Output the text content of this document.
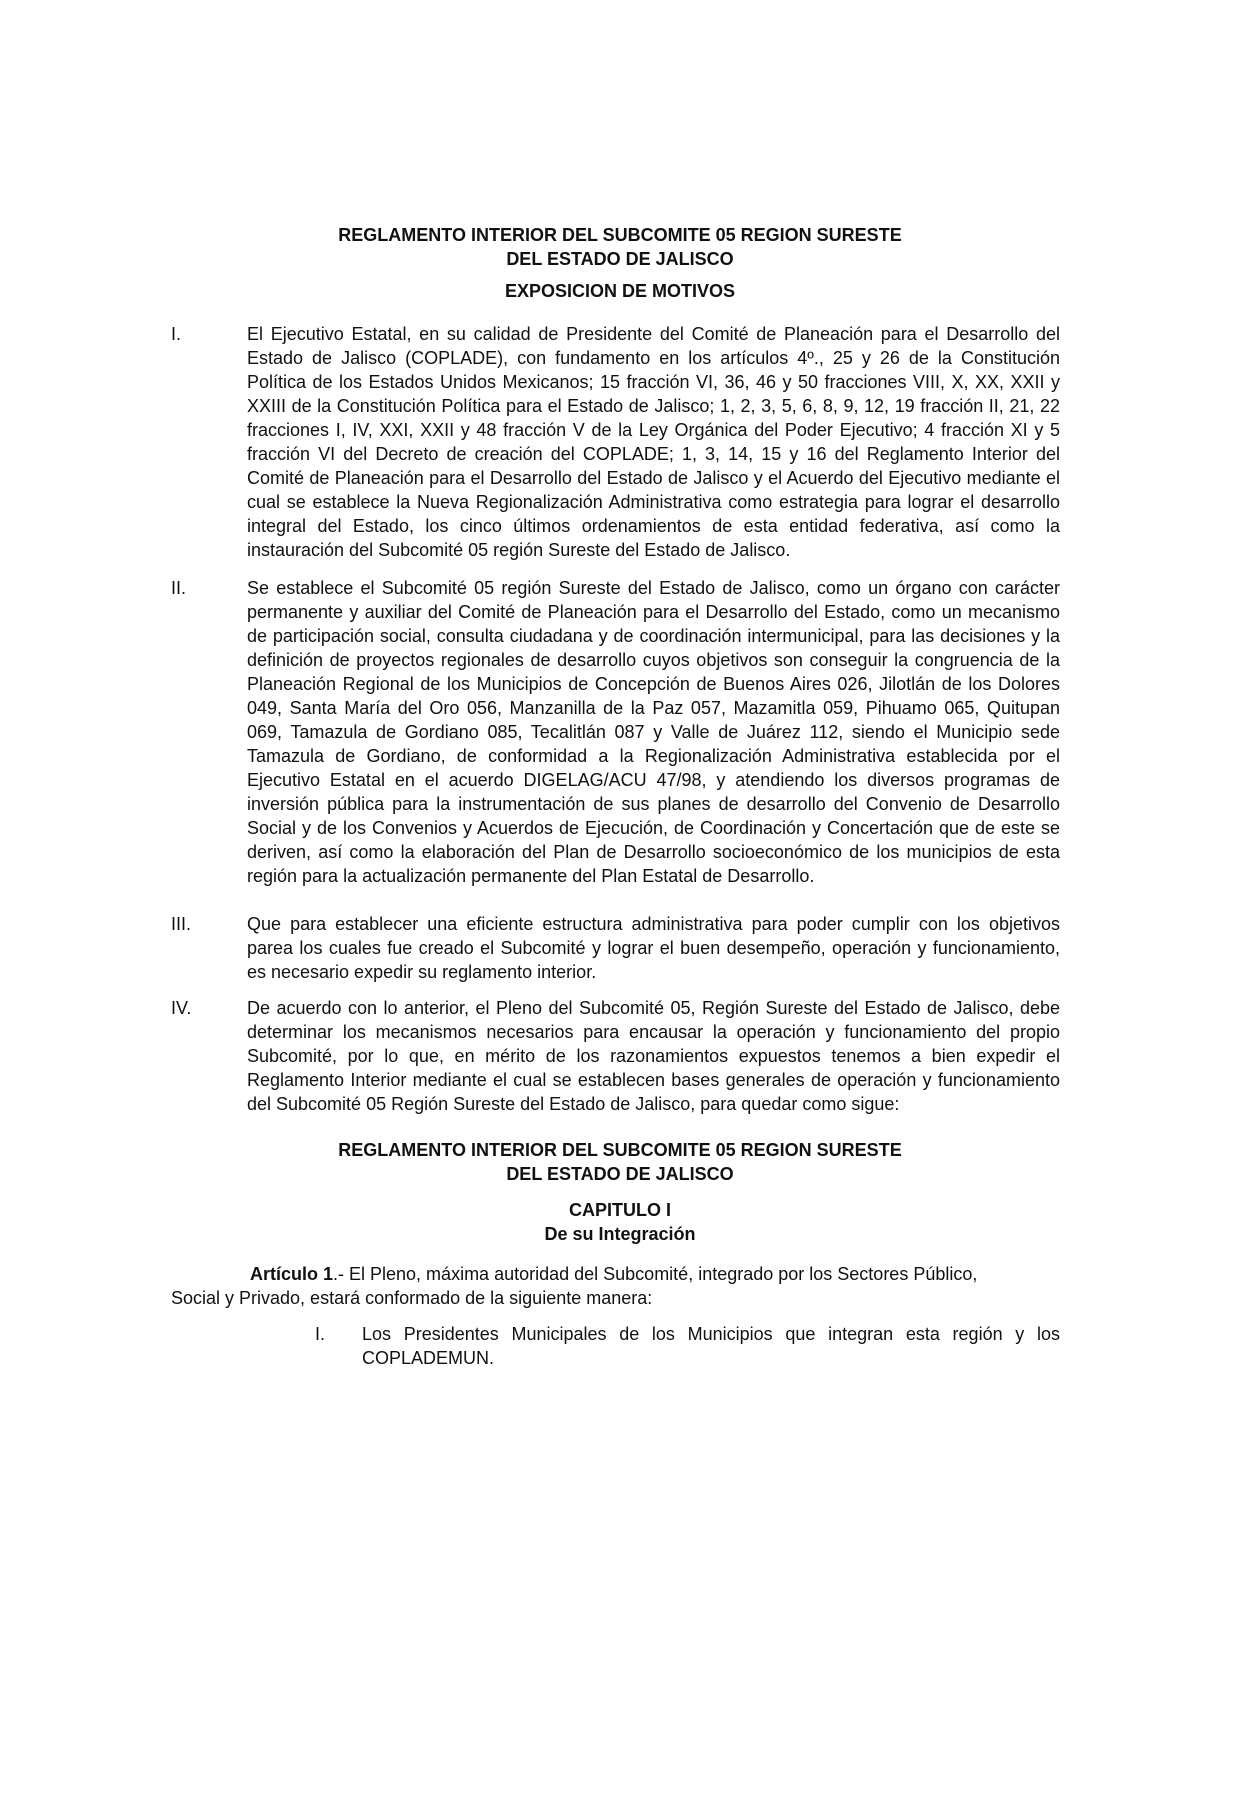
REGLAMENTO INTERIOR DEL SUBCOMITE 05 REGION SURESTE
DEL ESTADO DE JALISCO
EXPOSICION DE MOTIVOS
I.	El Ejecutivo Estatal, en su calidad de Presidente del Comité de Planeación para el Desarrollo del Estado de Jalisco (COPLADE), con fundamento en los artículos 4º., 25 y 26 de la Constitución Política de los Estados Unidos Mexicanos; 15 fracción VI, 36, 46 y 50 fracciones VIII, X, XX, XXII y XXIII de la Constitución Política para el Estado de Jalisco; 1, 2, 3, 5, 6, 8, 9, 12, 19 fracción II, 21, 22 fracciones I, IV, XXI, XXII y 48 fracción V de la Ley Orgánica del Poder Ejecutivo; 4 fracción XI y 5 fracción VI del Decreto de creación del COPLADE; 1, 3, 14, 15 y 16 del Reglamento Interior del Comité de Planeación para el Desarrollo del Estado de Jalisco y el Acuerdo del Ejecutivo mediante el cual se establece la Nueva Regionalización Administrativa como estrategia para lograr el desarrollo integral del Estado, los cinco últimos ordenamientos de esta entidad federativa, así como la instauración del Subcomité 05 región Sureste del Estado de Jalisco.
II.	Se establece el Subcomité 05 región Sureste del Estado de Jalisco, como un órgano con carácter permanente y auxiliar del Comité de Planeación para el Desarrollo del Estado, como un mecanismo de participación social, consulta ciudadana y de coordinación intermunicipal, para las decisiones y la definición de proyectos regionales de desarrollo cuyos objetivos son conseguir la congruencia de la Planeación Regional de los Municipios de Concepción de Buenos Aires 026, Jilotlán de los Dolores 049, Santa María del Oro 056, Manzanilla de la Paz 057, Mazamitla 059, Pihuamo 065, Quitupan 069, Tamazula de Gordiano 085, Tecalitlán 087 y Valle de Juárez 112, siendo el Municipio sede Tamazula de Gordiano, de conformidad a la Regionalización Administrativa establecida por el Ejecutivo Estatal en el acuerdo DIGELAG/ACU 47/98, y atendiendo los diversos programas de inversión pública para la instrumentación de sus planes de desarrollo del Convenio de Desarrollo Social y de los Convenios y Acuerdos de Ejecución, de Coordinación y Concertación que de este se deriven, así como la elaboración del Plan de Desarrollo socioeconómico de los municipios de esta región para la actualización permanente del Plan Estatal de Desarrollo.
III.	Que para establecer una eficiente estructura administrativa para poder cumplir con los objetivos parea los cuales fue creado el Subcomité y lograr el buen desempeño, operación y funcionamiento, es necesario expedir su reglamento interior.
IV.	De acuerdo con lo anterior, el Pleno del Subcomité 05, Región Sureste del Estado de Jalisco, debe determinar los mecanismos necesarios para encausar la operación y funcionamiento del propio Subcomité, por lo que, en mérito de los razonamientos expuestos tenemos a bien expedir el Reglamento Interior mediante el cual se establecen bases generales de operación y funcionamiento del Subcomité 05 Región Sureste del Estado de Jalisco, para quedar como sigue:
REGLAMENTO INTERIOR DEL SUBCOMITE 05 REGION SURESTE
DEL ESTADO DE JALISCO
CAPITULO I
De su Integración
Artículo 1.- El Pleno, máxima autoridad del Subcomité, integrado por los Sectores Público,
Social y Privado, estará conformado de la siguiente manera:
I. Los Presidentes Municipales de los Municipios que integran esta región y los COPLADEMUN.
